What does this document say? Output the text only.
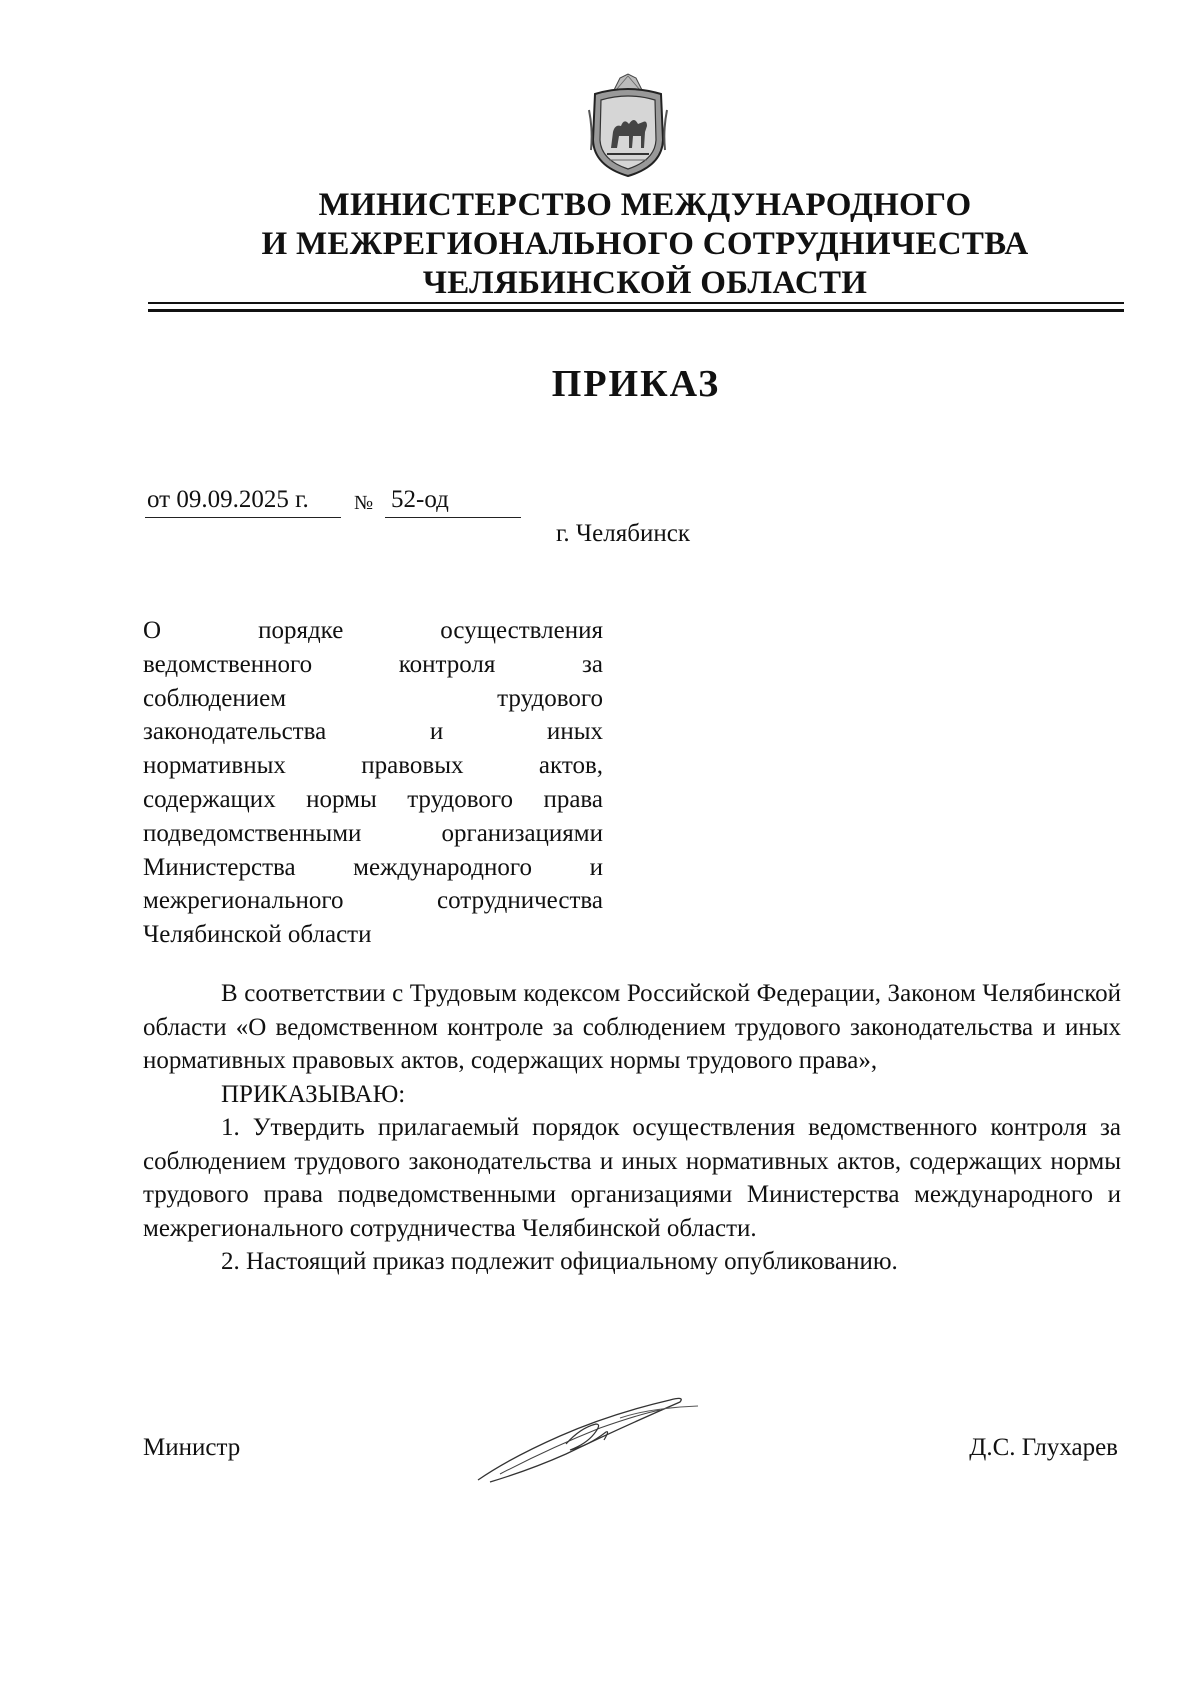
МИНИСТЕРСТВО МЕЖДУНАРОДНОГО
И МЕЖРЕГИОНАЛЬНОГО СОТРУДНИЧЕСТВА
ЧЕЛЯБИНСКОЙ ОБЛАСТИ
ПРИКАЗ
от 09.09.2025 г. № 52-од
г. Челябинск
О порядке осуществления
ведомственного контроля за
соблюдением трудового
законодательства и иных
нормативных правовых актов,
содержащих нормы трудового права
подведомственными организациями
Министерства международного и
межрегионального сотрудничества
Челябинской области

В соответствии с Трудовым кодексом Российской Федерации, Законом Челябинской области «О ведомственном контроле за соблюдением трудового законодательства и иных нормативных правовых актов, содержащих нормы трудового права»,

ПРИКАЗЫВАЮ:

1. Утвердить прилагаемый порядок осуществления ведомственного контроля за соблюдением трудового законодательства и иных нормативных актов, содержащих нормы трудового права подведомственными организациями Министерства международного и межрегионального сотрудничества Челябинской области.

2. Настоящий приказ подлежит официальному опубликованию.

Министр	Д.С. Глухарев
